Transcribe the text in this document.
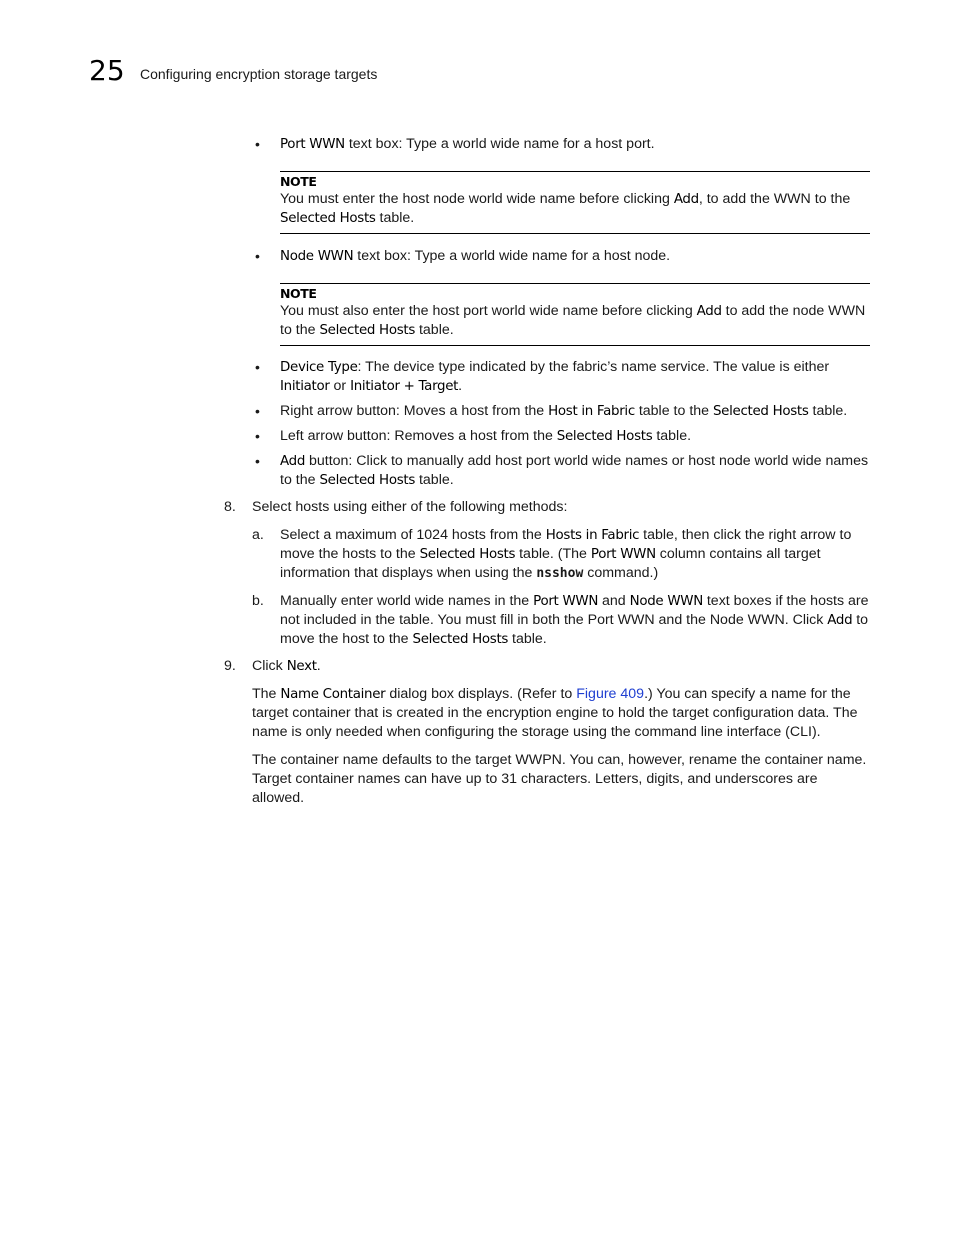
25 Configuring encryption storage targets
• Port WWN text box: Type a world wide name for a host port.
NOTE
You must enter the host node world wide name before clicking Add, to add the WWN to the Selected Hosts table.
• Node WWN text box: Type a world wide name for a host node.
NOTE
You must also enter the host port world wide name before clicking Add to add the node WWN to the Selected Hosts table.
• Device Type: The device type indicated by the fabric’s name service. The value is either Initiator or Initiator + Target.
• Right arrow button: Moves a host from the Host in Fabric table to the Selected Hosts table.
• Left arrow button: Removes a host from the Selected Hosts table.
• Add button: Click to manually add host port world wide names or host node world wide names to the Selected Hosts table.
8. Select hosts using either of the following methods:
a. Select a maximum of 1024 hosts from the Hosts in Fabric table, then click the right arrow to move the hosts to the Selected Hosts table. (The Port WWN column contains all target information that displays when using the nsshow command.)
b. Manually enter world wide names in the Port WWN and Node WWN text boxes if the hosts are not included in the table. You must fill in both the Port WWN and the Node WWN. Click Add to move the host to the Selected Hosts table.
9. Click Next.
The Name Container dialog box displays. (Refer to Figure 409.) You can specify a name for the target container that is created in the encryption engine to hold the target configuration data. The name is only needed when configuring the storage using the command line interface (CLI).
The container name defaults to the target WWPN. You can, however, rename the container name. Target container names can have up to 31 characters. Letters, digits, and underscores are allowed.
